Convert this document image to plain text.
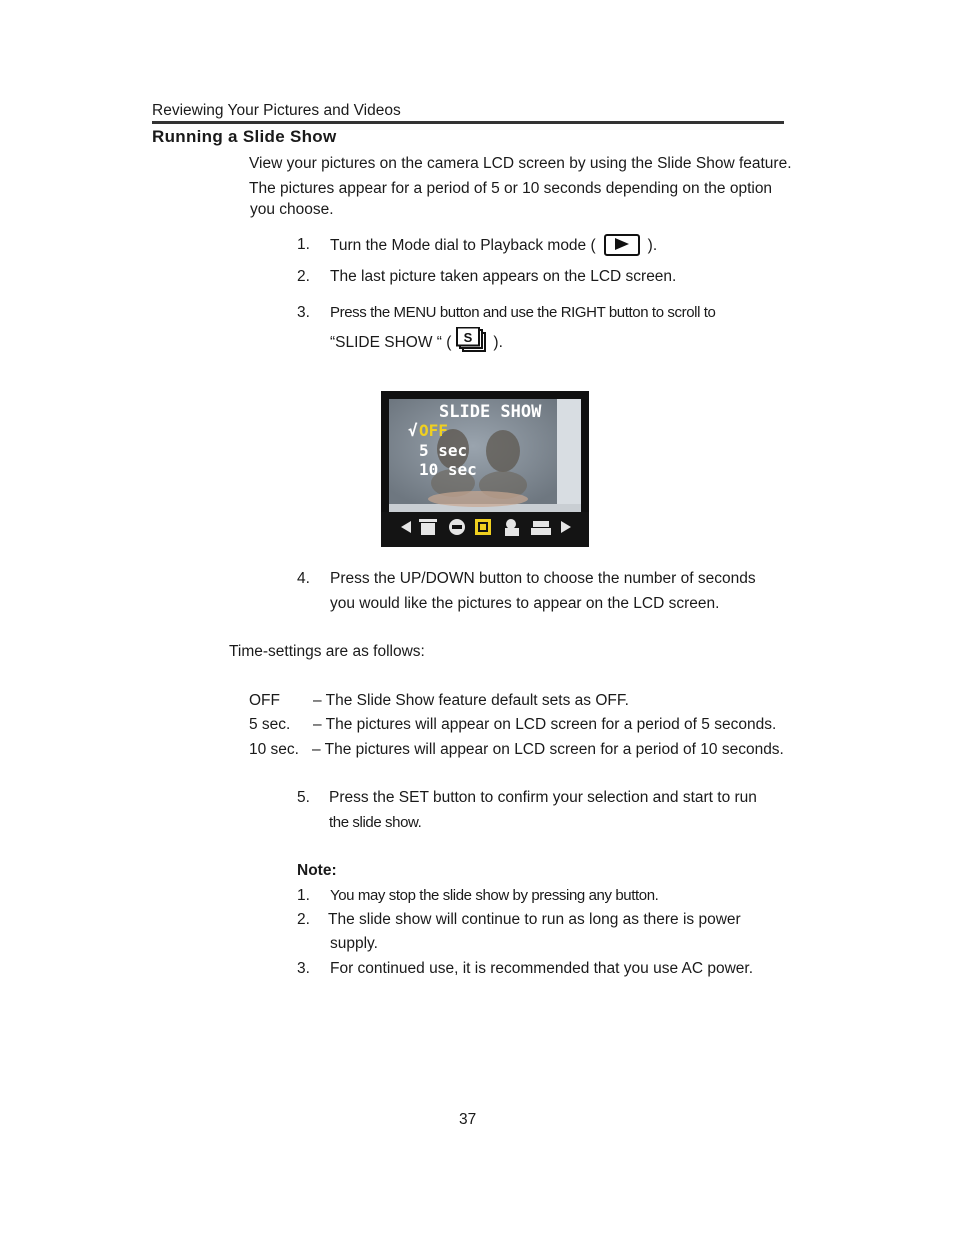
Reviewing Your Pictures and Videos
Running a Slide Show
View your pictures on the camera LCD screen by using the Slide Show feature.
The pictures appear for a period of 5 or 10 seconds depending on the option
you choose.
1. Turn the Mode dial to Playback mode (	).
2. The last picture taken appears on the LCD screen.
3. Press the MENU button and use the RIGHT button to scroll to
“SLIDE SHOW “ ( S ).
SLIDE SHOW
√ OFF
5 sec
10 sec
4. Press the UP/DOWN button to choose the number of seconds
you would like the pictures to appear on the LCD screen.
Time-settings are as follows:
OFF – The Slide Show feature default sets as OFF.
5 sec. – The pictures will appear on LCD screen for a period of 5 seconds.
10 sec. – The pictures will appear on LCD screen for a period of 10 seconds.
5. Press the SET button to confirm your selection and start to run
the slide show.
Note:
1. You may stop the slide show by pressing any button.
2. The slide show will continue to run as long as there is power
supply.
3. For continued use, it is recommended that you use AC power.
37
